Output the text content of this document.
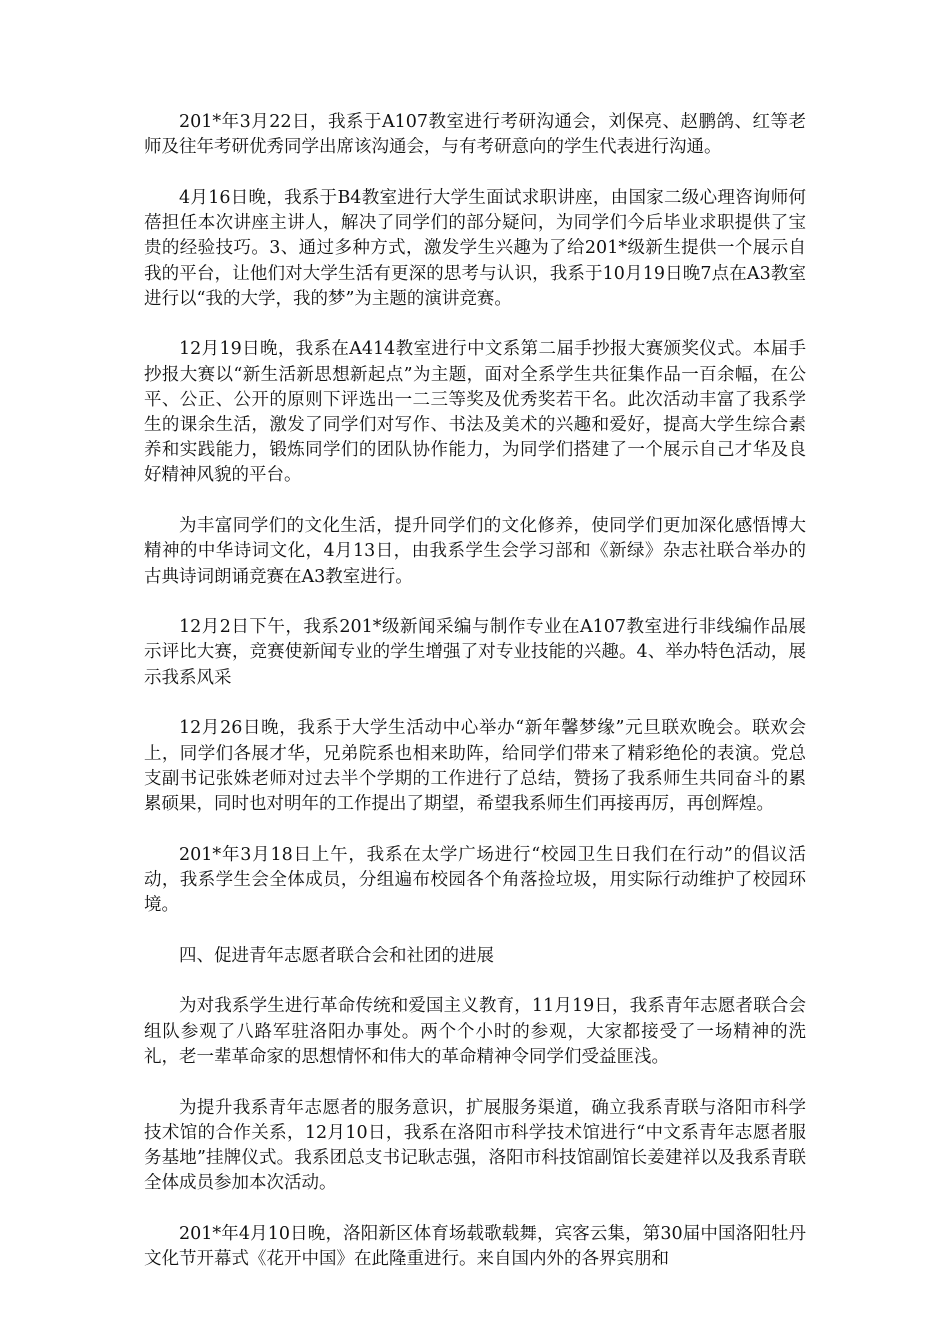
201*年3月22日，我系于A107教室进行考研沟通会，刘保亮、赵鹏鸽、红等老师及往年考研优秀同学出席该沟通会，与有考研意向的学生代表进行沟通。

4月16日晚，我系于B4教室进行大学生面试求职讲座，由国家二级心理咨询师何蓓担任本次讲座主讲人，解决了同学们的部分疑问，为同学们今后毕业求职提供了宝贵的经验技巧。3、通过多种方式，激发学生兴趣为了给201*级新生提供一个展示自我的平台，让他们对大学生活有更深的思考与认识，我系于10月19日晚7点在A3教室进行以“我的大学，我的梦”为主题的演讲竞赛。

12月19日晚，我系在A414教室进行中文系第二届手抄报大赛颁奖仪式。本届手抄报大赛以“新生活新思想新起点”为主题，面对全系学生共征集作品一百余幅，在公平、公正、公开的原则下评选出一二三等奖及优秀奖若干名。此次活动丰富了我系学生的课余生活，激发了同学们对写作、书法及美术的兴趣和爱好，提高大学生综合素养和实践能力，锻炼同学们的团队协作能力，为同学们搭建了一个展示自己才华及良好精神风貌的平台。

为丰富同学们的文化生活，提升同学们的文化修养，使同学们更加深化感悟博大精神的中华诗词文化，4月13日，由我系学生会学习部和《新绿》杂志社联合举办的古典诗词朗诵竞赛在A3教室进行。

12月2日下午，我系201*级新闻采编与制作专业在A107教室进行非线编作品展示评比大赛，竞赛使新闻专业的学生增强了对专业技能的兴趣。4、举办特色活动，展示我系风采

12月26日晚，我系于大学生活动中心举办“新年馨梦缘”元旦联欢晚会。联欢会上，同学们各展才华，兄弟院系也相来助阵，给同学们带来了精彩绝伦的表演。党总支副书记张姝老师对过去半个学期的工作进行了总结，赞扬了我系师生共同奋斗的累累硕果，同时也对明年的工作提出了期望，希望我系师生们再接再厉，再创辉煌。

201*年3月18日上午，我系在太学广场进行“校园卫生日我们在行动”的倡议活动，我系学生会全体成员，分组遍布校园各个角落捡垃圾，用实际行动维护了校园环境。

四、促进青年志愿者联合会和社团的进展

为对我系学生进行革命传统和爱国主义教育，11月19日，我系青年志愿者联合会组队参观了八路军驻洛阳办事处。两个个小时的参观，大家都接受了一场精神的洗礼，老一辈革命家的思想情怀和伟大的革命精神令同学们受益匪浅。

为提升我系青年志愿者的服务意识，扩展服务渠道，确立我系青联与洛阳市科学技术馆的合作关系，12月10日，我系在洛阳市科学技术馆进行“中文系青年志愿者服务基地”挂牌仪式。我系团总支书记耿志强，洛阳市科技馆副馆长姜建祥以及我系青联全体成员参加本次活动。

201*年4月10日晚，洛阳新区体育场载歌载舞，宾客云集，第30届中国洛阳牡丹文化节开幕式《花开中国》在此隆重进行。来自国内外的各界宾朋和
